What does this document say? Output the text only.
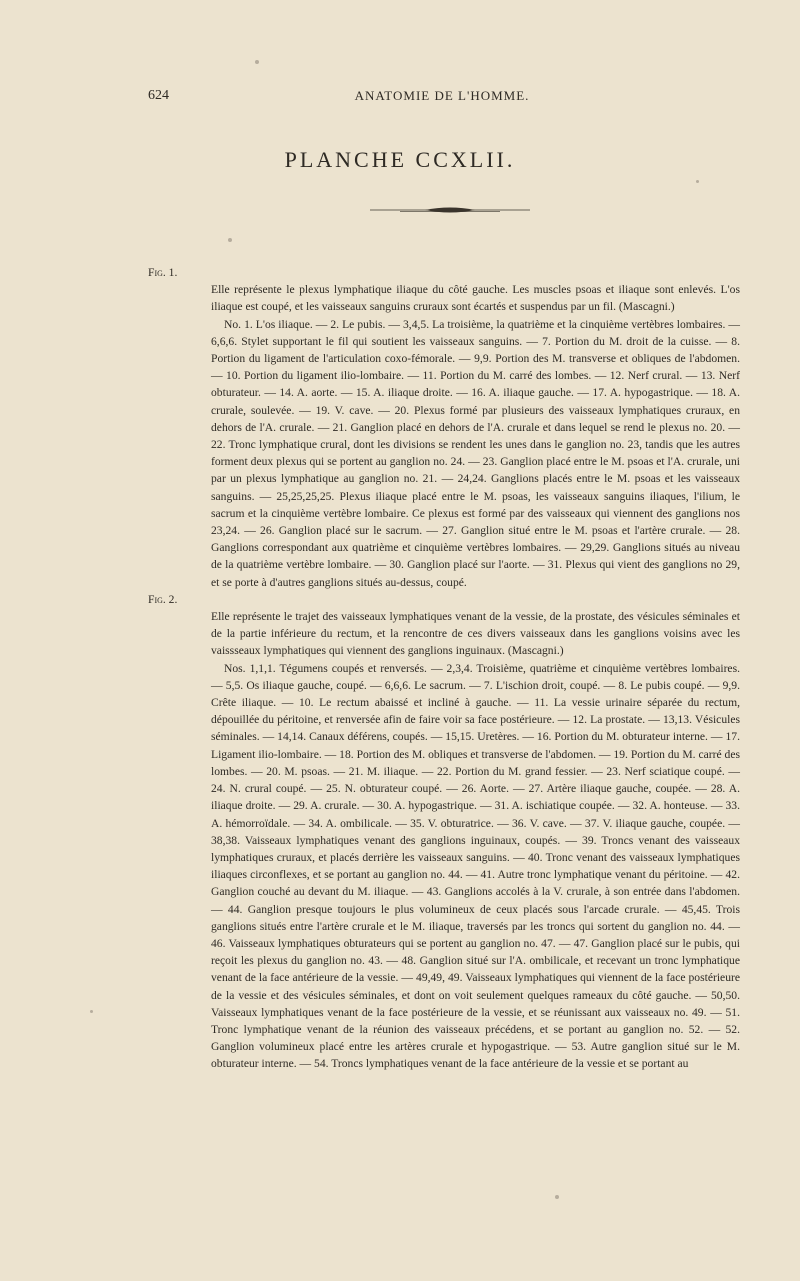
624	ANATOMIE DE L'HOMME.
PLANCHE CCXLII.

Fig. 1.
Elle représente le plexus lymphatique iliaque du côté gauche. Les muscles psoas et iliaque sont enlevés. L'os iliaque est coupé, et les vaisseaux sanguins cruraux sont écartés et suspendus par un fil. (Mascagni.)
No. 1. L'os iliaque. — 2. Le pubis. — 3,4,5. La troisième, la quatrième et la cinquième vertèbres lombaires. — 6,6,6. Stylet supportant le fil qui soutient les vaisseaux sanguins. — 7. Portion du M. droit de la cuisse. — 8. Portion du ligament de l'articulation coxo-fémorale. — 9,9. Portion des M. transverse et obliques de l'abdomen. — 10. Portion du ligament ilio-lombaire. — 11. Portion du M. carré des lombes. — 12. Nerf crural. — 13. Nerf obturateur. — 14. A. aorte. — 15. A. iliaque droite. — 16. A. iliaque gauche. — 17. A. hypogastrique. — 18. A. crurale, soulevée. — 19. V. cave. — 20. Plexus formé par plusieurs des vaisseaux lymphatiques cruraux, en dehors de l'A. crurale. — 21. Ganglion placé en dehors de l'A. crurale et dans lequel se rend le plexus no. 20. — 22. Tronc lymphatique crural, dont les divisions se rendent les unes dans le ganglion no. 23, tandis que les autres forment deux plexus qui se portent au ganglion no. 24. — 23. Ganglion placé entre le M. psoas et l'A. crurale, uni par un plexus lymphatique au ganglion no. 21. — 24,24. Ganglions placés entre le M. psoas et les vaisseaux sanguins. — 25,25,25,25. Plexus iliaque placé entre le M. psoas, les vaisseaux sanguins iliaques, l'ilium, le sacrum et la cinquième vertèbre lombaire. Ce plexus est formé par des vaisseaux qui viennent des ganglions nos 23,24. — 26. Ganglion placé sur le sacrum. — 27. Ganglion situé entre le M. psoas et l'artère crurale. — 28. Ganglions correspondant aux quatrième et cinquième vertèbres lombaires. — 29,29. Ganglions situés au niveau de la quatrième vertèbre lombaire. — 30. Ganglion placé sur l'aorte. — 31. Plexus qui vient des ganglions no 29, et se porte à d'autres ganglions situés au-dessus, coupé.

Fig. 2.
Elle représente le trajet des vaisseaux lymphatiques venant de la vessie, de la prostate, des vésicules séminales et de la partie inférieure du rectum, et la rencontre de ces divers vaisseaux dans les ganglions voisins avec les vaissseaux lymphatiques qui viennent des ganglions inguinaux. (Mascagni.)
Nos. 1,1,1. Tégumens coupés et renversés. — 2,3,4. Troisième, quatrième et cinquième vertèbres lombaires. — 5,5. Os iliaque gauche, coupé. — 6,6,6. Le sacrum. — 7. L'ischion droit, coupé. — 8. Le pubis coupé. — 9,9. Crête iliaque. — 10. Le rectum abaissé et incliné à gauche. — 11. La vessie urinaire séparée du rectum, dépouillée du péritoine, et renversée afin de faire voir sa face postérieure. — 12. La prostate. — 13,13. Vésicules séminales. — 14,14. Canaux déférens, coupés. — 15,15. Uretères. — 16. Portion du M. obturateur interne. — 17. Ligament ilio-lombaire. — 18. Portion des M. obliques et transverse de l'abdomen. — 19. Portion du M. carré des lombes. — 20. M. psoas. — 21. M. iliaque. — 22. Portion du M. grand fessier. — 23. Nerf sciatique coupé. — 24. N. crural coupé. — 25. N. obturateur coupé. — 26. Aorte. — 27. Artère iliaque gauche, coupée. — 28. A. iliaque droite. — 29. A. crurale. — 30. A. hypogastrique. — 31. A. ischiatique coupée. — 32. A. honteuse. — 33. A. hémorroïdale. — 34. A. ombilicale. — 35. V. obturatrice. — 36. V. cave. — 37. V. iliaque gauche, coupée. — 38,38. Vaisseaux lymphatiques venant des ganglions inguinaux, coupés. — 39. Troncs venant des vaisseaux lymphatiques cruraux, et placés derrière les vaisseaux sanguins. — 40. Tronc venant des vaisseaux lymphatiques iliaques circonflexes, et se portant au ganglion no. 44. — 41. Autre tronc lymphatique venant du péritoine. — 42. Ganglion couché au devant du M. iliaque. — 43. Ganglions accolés à la V. crurale, à son entrée dans l'abdomen. — 44. Ganglion presque toujours le plus volumineux de ceux placés sous l'arcade crurale. — 45,45. Trois ganglions situés entre l'artère crurale et le M. iliaque, traversés par les troncs qui sortent du ganglion no. 44. — 46. Vaisseaux lymphatiques obturateurs qui se portent au ganglion no. 47. — 47. Ganglion placé sur le pubis, qui reçoit les plexus du ganglion no. 43. — 48. Ganglion situé sur l'A. ombilicale, et recevant un tronc lymphatique venant de la face antérieure de la vessie. — 49,49, 49. Vaisseaux lymphatiques qui viennent de la face postérieure de la vessie et des vésicules séminales, et dont on voit seulement quelques rameaux du côté gauche. — 50,50. Vaisseaux lymphatiques venant de la face postérieure de la vessie, et se réunissant aux vaisseaux no. 49. — 51. Tronc lymphatique venant de la réunion des vaisseaux précédens, et se portant au ganglion no. 52. — 52. Ganglion volumineux placé entre les artères crurale et hypogastrique. — 53. Autre ganglion situé sur le M. obturateur interne. — 54. Troncs lymphatiques venant de la face antérieure de la vessie et se portant au
